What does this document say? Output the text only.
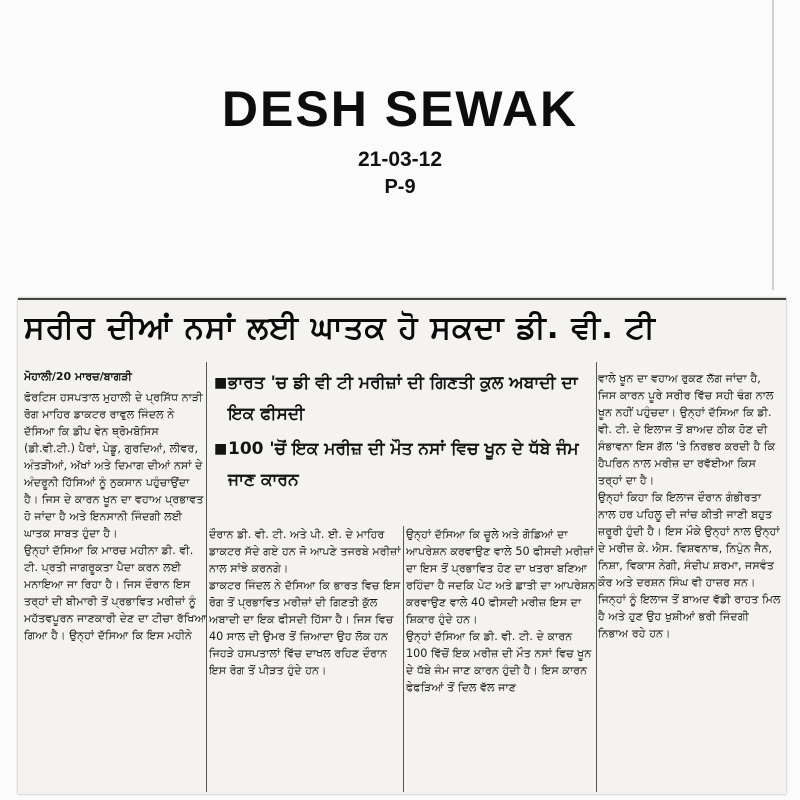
DESH SEWAK
21-03-12
P-9
ਸਰੀਰ ਦੀਆਂ ਨਸਾਂ ਲਈ ਘਾਤਕ ਹੋ ਸਕਦਾ ਡੀ. ਵੀ. ਟੀ
ਮੋਹਾਲੀ/20 ਮਾਰਚ/ਬਾਗੜੀ

ਫੋਰਟਿਸ ਹਸਪਤਾਲ ਮੁਹਾਲੀ ਦੇ ਪ੍ਰਸਿੱਧ ਨਾੜੀ ਰੋਗ ਮਾਹਿਰ ਡਾਕਟਰ ਰਾਵੁਲ ਜਿੰਦਲ ਨੇ ਦੱਸਿਆ ਕਿ ਡੀਪ ਵੇਨ ਥ੍ਰੋਮਬੋਸਿਸ (ਡੀ.ਵੀ.ਟੀ.) ਪੈਰਾਂ, ਪੇਡੂ, ਗੁਰਦਿਆਂ, ਲੀਵਰ, ਅੰਤੜੀਆਂ, ਅੱਖਾਂ ਅਤੇ ਦਿਮਾਗ ਦੀਆਂ ਨਸਾਂ ਦੇ ਅੰਦਰੂਨੀ ਹਿੱਸਿਆਂ ਨੂੰ ਨੁਕਸਾਨ ਪਹੁੰਚਾਉਂਦਾ ਹੈ। ਜਿਸ ਦੇ ਕਾਰਨ ਖੂਨ ਦਾ ਵਹਾਅ ਪ੍ਰਭਾਵਤ ਹੋ ਜਾਂਦਾ ਹੈ ਅਤੇ ਇਨਸਾਨੀ ਜਿੰਦਗੀ ਲਈ ਘਾਤਕ ਸਾਬਤ ਹੁੰਦਾ ਹੈ।

ਉਨ੍ਹਾਂ ਦੱਸਿਆ ਕਿ ਮਾਰਚ ਮਹੀਨਾ ਡੀ. ਵੀ. ਟੀ. ਪ੍ਰਤੀ ਜਾਗਰੂਕਤਾ ਪੈਦਾ ਕਰਨ ਲਈ ਮਨਾਇਆ ਜਾ ਰਿਹਾ ਹੈ। ਜਿਸ ਦੌਰਾਨ ਇਸ ਤਰ੍ਹਾਂ ਦੀ ਬੀਮਾਰੀ ਤੋਂ ਪ੍ਰਭਾਵਿਤ ਮਰੀਜ਼ਾਂ ਨੂੰ ਮਹੱਤਵਪੂਰਨ ਜਾਣਕਾਰੀ ਦੇਣ ਦਾ ਟੀਚਾ ਰੱਖਿਆ ਗਿਆ ਹੈ। ਉਨ੍ਹਾਂ ਦੱਸਿਆ ਕਿ ਇਸ ਮਹੀਨੇ

■ ਭਾਰਤ 'ਚ ਡੀ ਵੀ ਟੀ ਮਰੀਜ਼ਾਂ ਦੀ ਗਿਣਤੀ ਕੁਲ ਅਬਾਦੀ ਦਾ ਇਕ ਫੀਸਦੀ
■ 100 'ਚੋਂ ਇਕ ਮਰੀਜ਼ ਦੀ ਮੌਤ ਨਸਾਂ ਵਿਚ ਖੂਨ ਦੇ ਧੱਬੇ ਜੰਮ ਜਾਣ ਕਾਰਨ

ਦੌਰਾਨ ਡੀ. ਵੀ. ਟੀ. ਅਤੇ ਪੀ. ਈ. ਦੇ ਮਾਹਿਰ ਡਾਕਟਰ ਸੱਦੇ ਗਏ ਹਨ ਜੋ ਆਪਣੇ ਤਜਰਬੇ ਮਰੀਜ਼ਾਂ ਨਾਲ ਸਾਂਝੇ ਕਰਨਗੇ।

ਡਾਕਟਰ ਜਿੰਦਲ ਨੇ ਦੱਸਿਆ ਕਿ ਭਾਰਤ ਵਿਚ ਇਸ ਰੋਗ ਤੋਂ ਪ੍ਰਭਾਵਿਤ ਮਰੀਜ਼ਾਂ ਦੀ ਗਿਣਤੀ ਕੁੱਲ ਅਬਾਦੀ ਦਾ ਇਕ ਫੀਸਦੀ ਹਿੱਸਾ ਹੈ। ਜਿਸ ਵਿਚ 40 ਸਾਲ ਦੀ ਉਮਰ ਤੋਂ ਜ਼ਿਆਦਾ ਉਹ ਲੋਕ ਹਨ ਜਿਹੜੇ ਹਸਪਤਾਲਾਂ ਵਿੱਚ ਦਾਖਲ ਰਹਿਣ ਦੌਰਾਨ ਇਸ ਰੋਗ ਤੋਂ ਪੀੜਤ ਹੁੰਦੇ ਹਨ।

ਉਨ੍ਹਾਂ ਦੱਸਿਆ ਕਿ ਚੂਲੇ ਅਤੇ ਗੋਡਿਆਂ ਦਾ ਆਪਰੇਸ਼ਨ ਕਰਵਾਉਣ ਵਾਲੇ 50 ਫੀਸਦੀ ਮਰੀਜ਼ਾਂ ਦਾ ਇਸ ਤੋਂ ਪ੍ਰਭਾਵਿਤ ਹੋਣ ਦਾ ਖਤਰਾ ਬਣਿਆ ਰਹਿੰਦਾ ਹੈ ਜਦਕਿ ਪੇਟ ਅਤੇ ਛਾਤੀ ਦਾ ਆਪਰੇਸ਼ਨ ਕਰਵਾਉਣ ਵਾਲੇ 40 ਫੀਸਦੀ ਮਰੀਜ਼ ਇਸ ਦਾ ਸ਼ਿਕਾਰ ਹੁੰਦੇ ਹਨ।

ਉਨ੍ਹਾਂ ਦੱਸਿਆ ਕਿ ਡੀ. ਵੀ. ਟੀ. ਦੇ ਕਾਰਨ 100 ਵਿੱਚੋਂ ਇਕ ਮਰੀਜ਼ ਦੀ ਮੌਤ ਨਸਾਂ ਵਿਚ ਖੂਨ ਦੇ ਧੱਬੇ ਜੰਮ ਜਾਣ ਕਾਰਨ ਹੁੰਦੀ ਹੈ। ਇਸ ਕਾਰਨ ਫੇਫੜਿਆਂ ਤੋਂ ਦਿਲ ਵੱਲ ਜਾਣ

ਵਾਲੇ ਖੂਨ ਦਾ ਵਹਾਅ ਰੁਕਣ ਲੱਗ ਜਾਂਦਾ ਹੈ, ਜਿਸ ਕਾਰਨ ਪੂਰੇ ਸਰੀਰ ਵਿੱਚ ਸਹੀ ਢੰਗ ਨਾਲ ਖੂਨ ਨਹੀਂ ਪਹੁੰਚਦਾ। ਉਨ੍ਹਾਂ ਦੱਸਿਆ ਕਿ ਡੀ. ਵੀ. ਟੀ. ਦੇ ਇਲਾਜ ਤੋਂ ਬਾਅਦ ਠੀਕ ਹੋਣ ਦੀ ਸੰਭਾਵਨਾ ਇਸ ਗੱਲ 'ਤੇ ਨਿਰਭਰ ਕਰਦੀ ਹੈ ਕਿ ਹੈਪਰਿਨ ਨਾਲ ਮਰੀਜ਼ ਦਾ ਰਵੱਈਆ ਕਿਸ ਤਰ੍ਹਾਂ ਦਾ ਹੈ।

ਉਨ੍ਹਾਂ ਕਿਹਾ ਕਿ ਇਲਾਜ ਦੌਰਾਨ ਗੰਭੀਰਤਾ ਨਾਲ ਹਰ ਪਹਿਲੂ ਦੀ ਜਾਂਚ ਕੀਤੀ ਜਾਣੀ ਬਹੁਤ ਜ਼ਰੂਰੀ ਹੁੰਦੀ ਹੈ। ਇਸ ਮੌਕੇ ਉਨ੍ਹਾਂ ਨਾਲ ਉਨ੍ਹਾਂ ਦੇ ਮਰੀਜ਼ ਕੇ. ਐਸ. ਵਿਸ਼ਵਨਾਥ, ਨਿਪੁੰਨ ਜੈਨ, ਨਿਸ਼ਾ, ਵਿਕਾਸ ਨੇਗੀ, ਸੰਦੀਪ ਸ਼ਰਮਾ, ਜਸਵੰਤ ਕੌਰ ਅਤੇ ਦਰਸ਼ਨ ਸਿੰਘ ਵੀ ਹਾਜ਼ਰ ਸਨ। ਜਿਨ੍ਹਾਂ ਨੂੰ ਇਲਾਜ ਤੋਂ ਬਾਅਦ ਵੱਡੀ ਰਾਹਤ ਮਿਲ ਹੈ ਅਤੇ ਹੁਣ ਉਹ ਖੁਸ਼ੀਆਂ ਭਰੀ ਜਿੰਦਗੀ ਨਿਭਾਅ ਰਹੇ ਹਨ।
